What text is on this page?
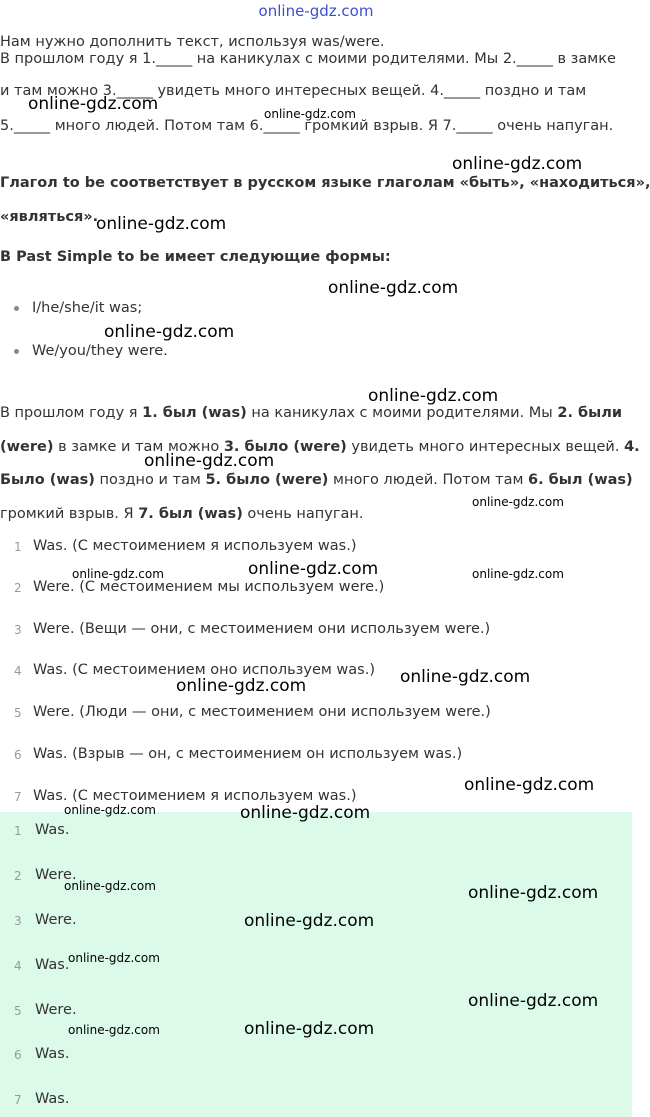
online-gdz.com
Нам нужно дополнить текст, используя was/were.
В прошлом году я 1._____ на каникулах с моими родителями. Мы 2._____ в замке
и там можно 3._____ увидеть много интересных вещей. 4._____ поздно и там
5._____ много людей. Потом там 6._____ громкий взрыв. Я 7._____ очень напуган.
Глагол to be соответствует в русском языке глаголам «быть», «находиться»,
«являться».
В Past Simple to be имеет следующие формы:
I/he/she/it was;
We/you/they were.
В прошлом году я 1. был (was) на каникулах с моими родителями. Мы 2. были
(were) в замке и там можно 3. было (were) увидеть много интересных вещей. 4.
Было (was) поздно и там 5. было (were) много людей. Потом там 6. был (was)
громкий взрыв. Я 7. был (was) очень напуган.
1 Was. (С местоимением я используем was.)
2 Were. (С местоимением мы используем were.)
3 Were. (Вещи — они, с местоимением они используем were.)
4 Was. (С местоимением оно используем was.)
5 Were. (Люди — они, с местоимением они используем were.)
6 Was. (Взрыв — он, с местоимением он используем was.)
7 Was. (С местоимением я используем was.)
1 Was.
2 Were.
3 Were.
4 Was.
5 Were.
6 Was.
7 Was.
online-gdz.com	online-gdz.com
online-gdz.com
online-gdz.com
online-gdz.com
online-gdz.com
online-gdz.com
online-gdz.com
online-gdz.com
online-gdz.com
online-gdz.com	online-gdz.com
online-gdz.com
online-gdz.com
online-gdz.com
online-gdz.com	online-gdz.com
online-gdz.com	online-gdz.com
online-gdz.com
online-gdz.com
online-gdz.com
online-gdz.com	online-gdz.com
